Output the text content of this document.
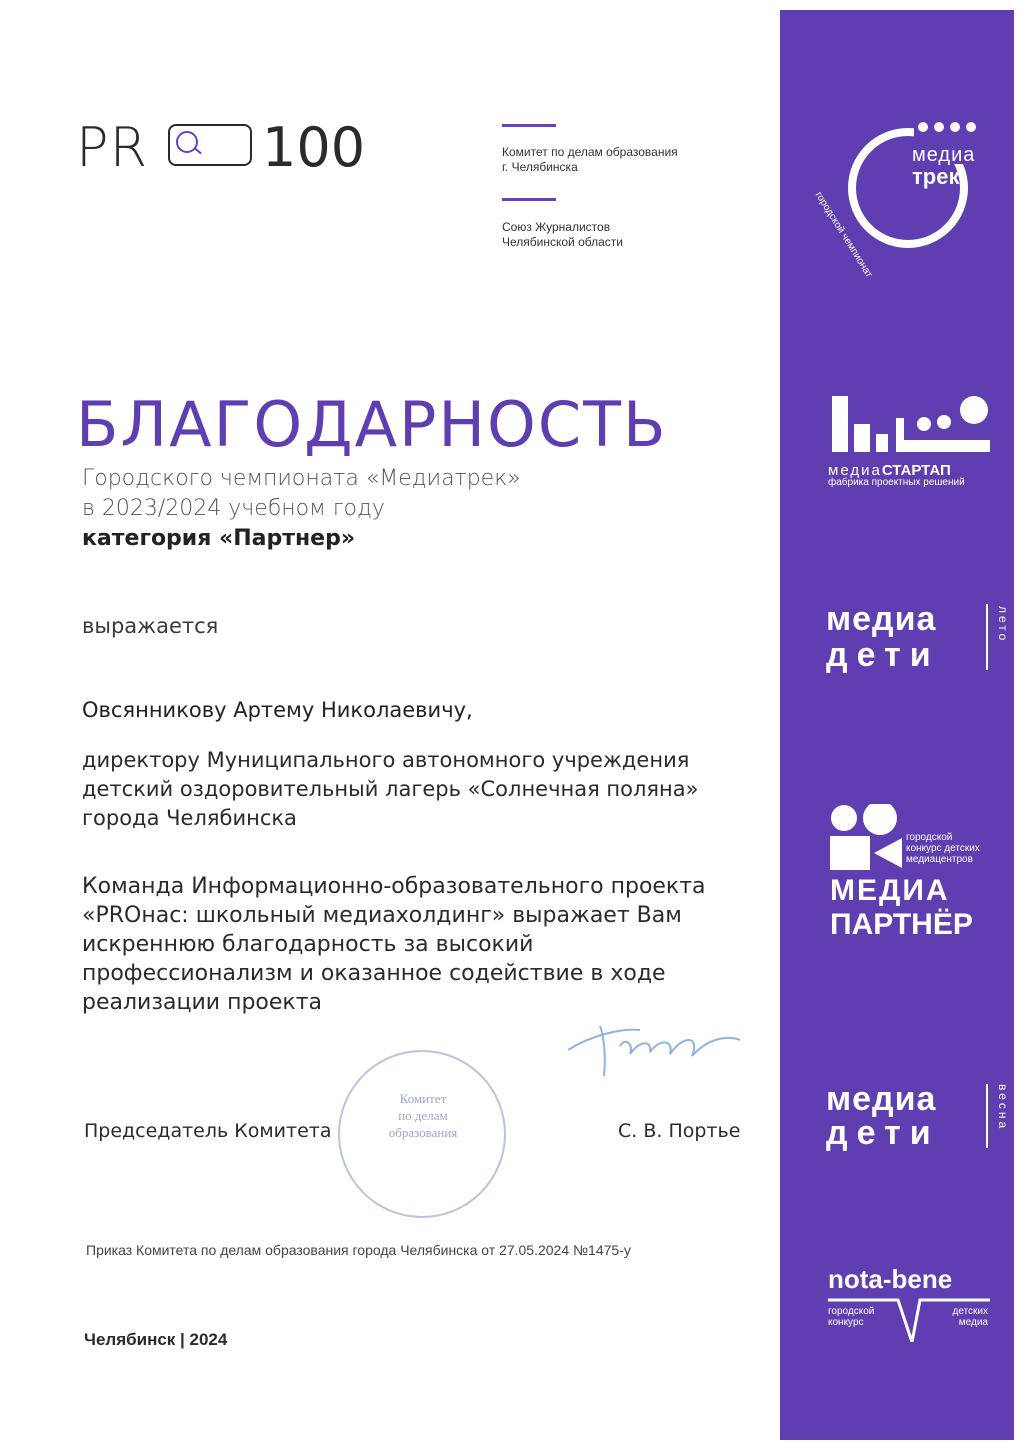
PR 100	Комитет по делам образования
г. Челябинска
Союз Журналистов
Челябинской области
БЛАГОДАРНОСТЬ
Городского чемпионата «Медиатрек»
в 2023/2024 учебном году
категория «Партнер»
выражается
Овсянникову Артему Николаевичу,
директору Муниципального автономного учреждения
детский оздоровительный лагерь «Солнечная поляна»
города Челябинска
Команда Информационно-образовательного проекта
«PROнас: школьный медиахолдинг» выражает Вам
искреннюю благодарность за высокий
профессионализм и оказанное содействие в ходе
реализации проекта
Комитет
по делам
образования
Председатель Комитета	С. В. Портье
Приказ Комитета по делам образования города Челябинска от 27.05.2024 №1475-у
Челябинск | 2024
медиа
трек
городской чемпионат
медиаСТАРТАП
фабрика проектных решений
медиа
дети
лето
городской
конкурс детских
медиацентров
МЕДИА
ПАРТНЁР
медиа
дети
весна
nota-bene
городской
конкурс
детских
медиа
